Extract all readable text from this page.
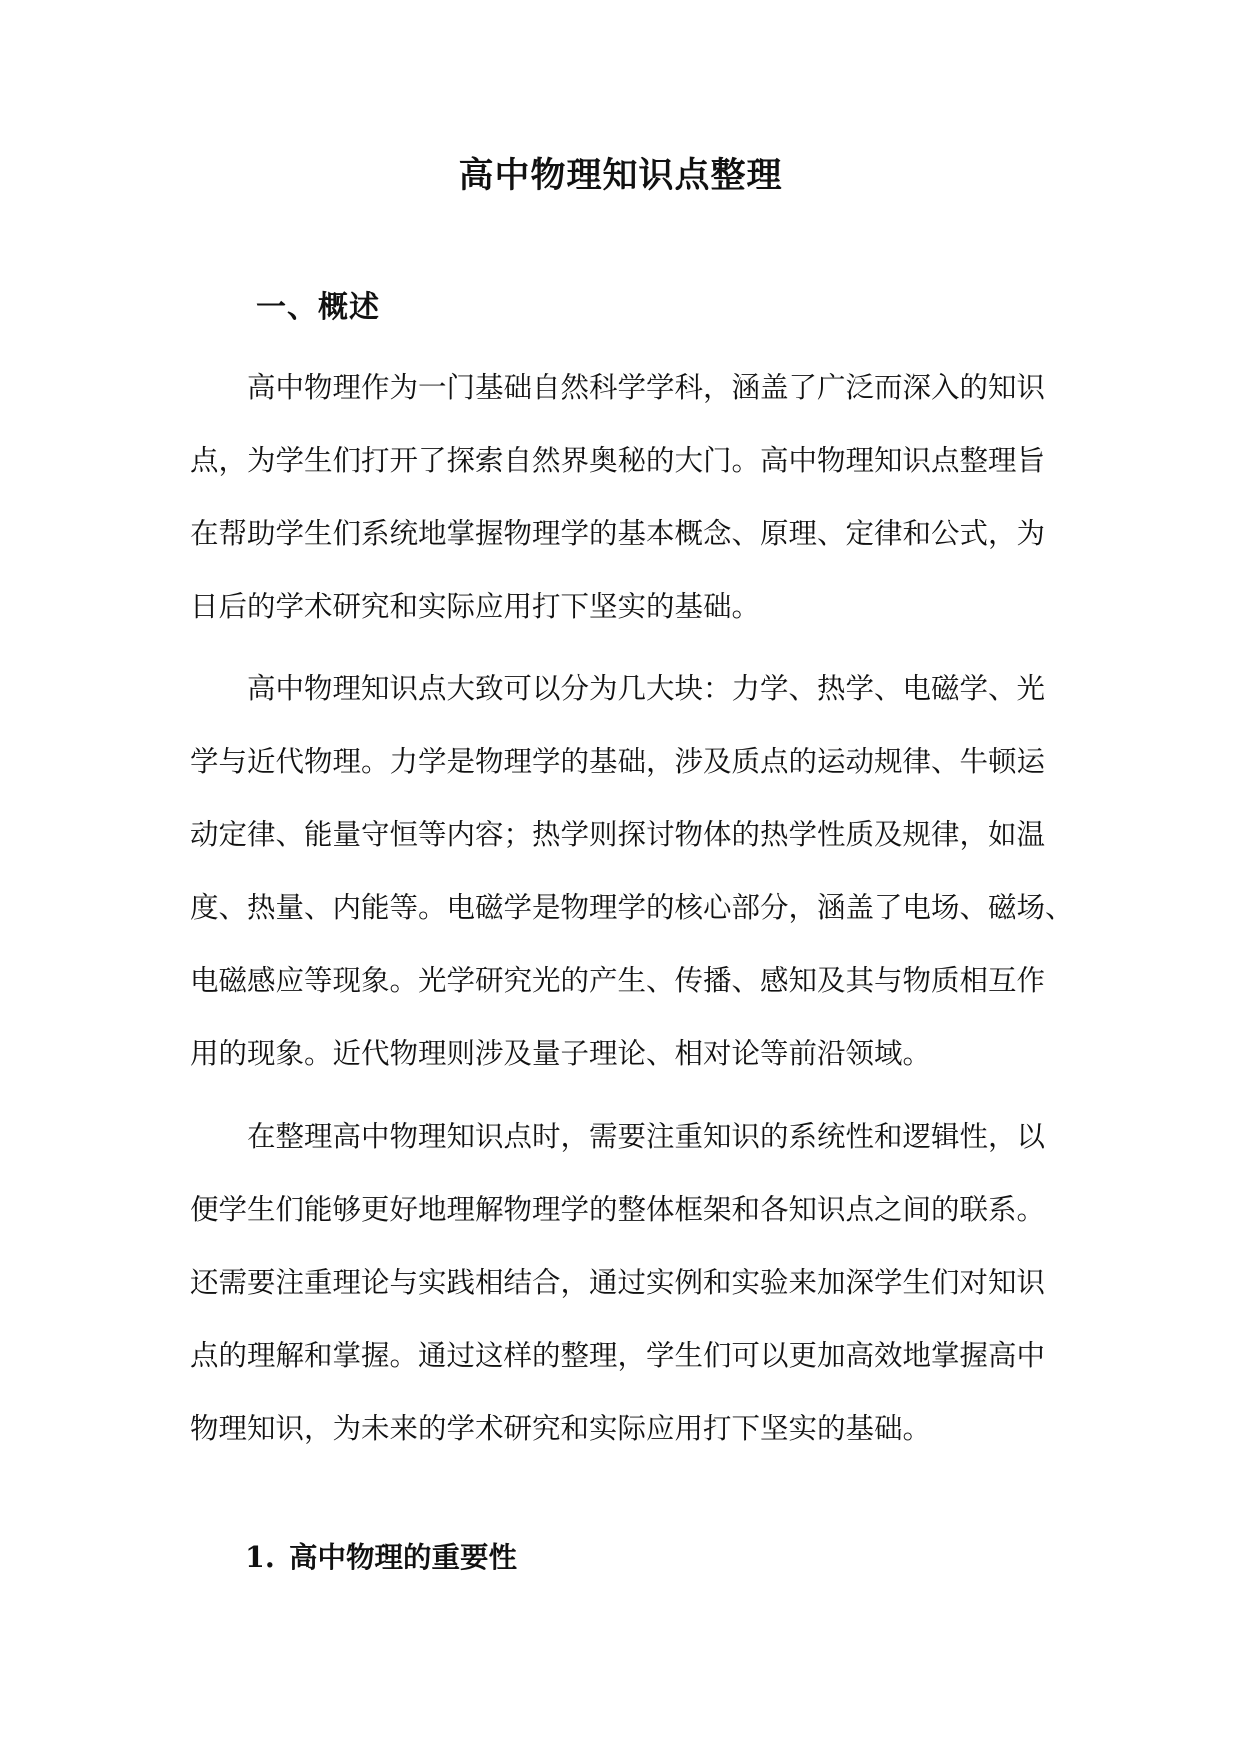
高中物理知识点整理
一、概述

高中物理作为一门基础自然科学学科，涵盖了广泛而深入的知识
点，为学生们打开了探索自然界奥秘的大门。高中物理知识点整理旨
在帮助学生们系统地掌握物理学的基本概念、原理、定律和公式，为
日后的学术研究和实际应用打下坚实的基础。

高中物理知识点大致可以分为几大块：力学、热学、电磁学、光
学与近代物理。力学是物理学的基础，涉及质点的运动规律、牛顿运
动定律、能量守恒等内容；热学则探讨物体的热学性质及规律，如温
度、热量、内能等。电磁学是物理学的核心部分，涵盖了电场、磁场、
电磁感应等现象。光学研究光的产生、传播、感知及其与物质相互作
用的现象。近代物理则涉及量子理论、相对论等前沿领域。

在整理高中物理知识点时，需要注重知识的系统性和逻辑性，以
便学生们能够更好地理解物理学的整体框架和各知识点之间的联系。
还需要注重理论与实践相结合，通过实例和实验来加深学生们对知识
点的理解和掌握。通过这样的整理，学生们可以更加高效地掌握高中
物理知识，为未来的学术研究和实际应用打下坚实的基础。

1. 高中物理的重要性
